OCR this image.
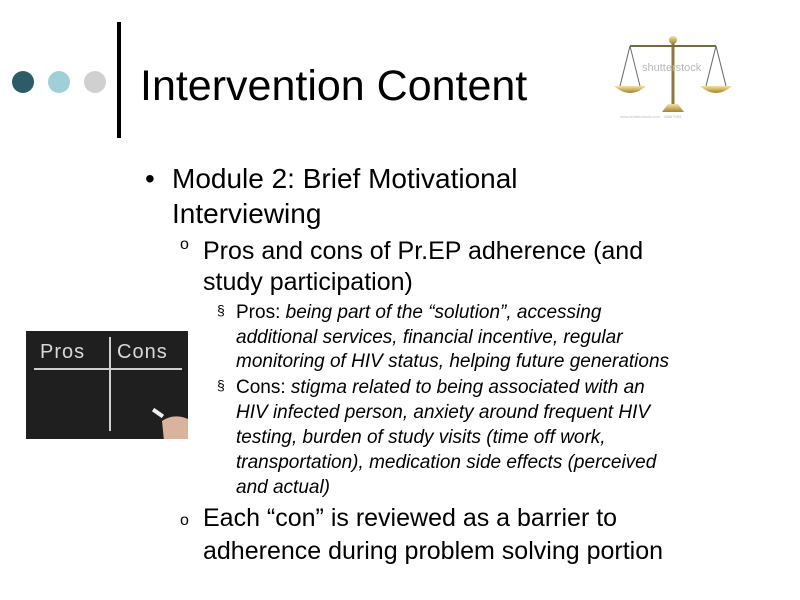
Intervention Content	shutterstock
www.shutterstock.com · 38867983
• Module 2: Brief Motivational
Interviewing
o Pros and cons of Pr.EP adherence (and
study participation)
§ Pros: being part of the “solution”, accessing
additional services, financial incentive, regular
monitoring of HIV status, helping future generations
§ Cons: stigma related to being associated with an
HIV infected person, anxiety around frequent HIV
testing, burden of study visits (time off work,
transportation), medication side effects (perceived
and actual)
o Each “con” is reviewed as a barrier to
adherence during problem solving portion
Pros Cons
